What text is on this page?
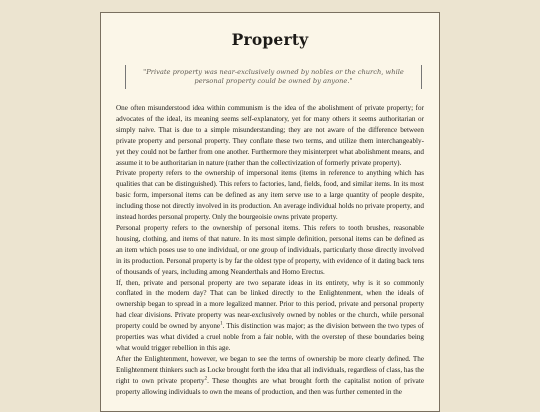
Property
"Private property was near-exclusively owned by nobles or the church, while personal property could be owned by anyone."

One often misunderstood idea within communism is the idea of the abolishment of private property; for advocates of the ideal, its meaning seems self-explanatory, yet for many others it seems authoritarian or simply naive. That is due to a simple misunderstanding; they are not aware of the difference between private property and personal property. They conflate these two terms, and utilize them interchangeably- yet they could not be farther from one another. Furthermore they misinterpret what abolishment means, and assume it to be authoritarian in nature (rather than the collectivization of formerly private property).

Private property refers to the ownership of impersonal items (items in reference to anything which has qualities that can be distinguished). This refers to factories, land, fields, food, and similar items. In its most basic form, impersonal items can be defined as any item serve use to a large quantity of people despite, including those not directly involved in its production. An average individual holds no private property, and instead hordes personal property. Only the bourgeoisie owns private property.

Personal property refers to the ownership of personal items. This refers to tooth brushes, reasonable housing, clothing, and items of that nature. In its most simple definition, personal items can be defined as an item which poses use to one individual, or one group of individuals, particularly those directly involved in its production. Personal property is by far the oldest type of property, with evidence of it dating back tens of thousands of years, including among Neanderthals and Homo Erectus.

If, then, private and personal property are two separate ideas in its entirety, why is it so commonly conflated in the modern day? That can be linked directly to the Enlightenment, when the ideals of ownership began to spread in a more legalized manner. Prior to this period, private and personal property had clear divisions. Private property was near-exclusively owned by nobles or the church, while personal property could be owned by anyone$^1$. This distinction was major; as the division between the two types of properties was what divided a cruel noble from a fair noble, with the overstep of these boundaries being what would trigger rebellion in this age.

After the Enlightenment, however, we began to see the terms of ownership be more clearly defined. The Enlightenment thinkers such as Locke brought forth the idea that all individuals, regardless of class, has the right to own private property$^2$. These thoughts are what brought forth the capitalist notion of private property allowing individuals to own the means of production, and then was further cemented in the
